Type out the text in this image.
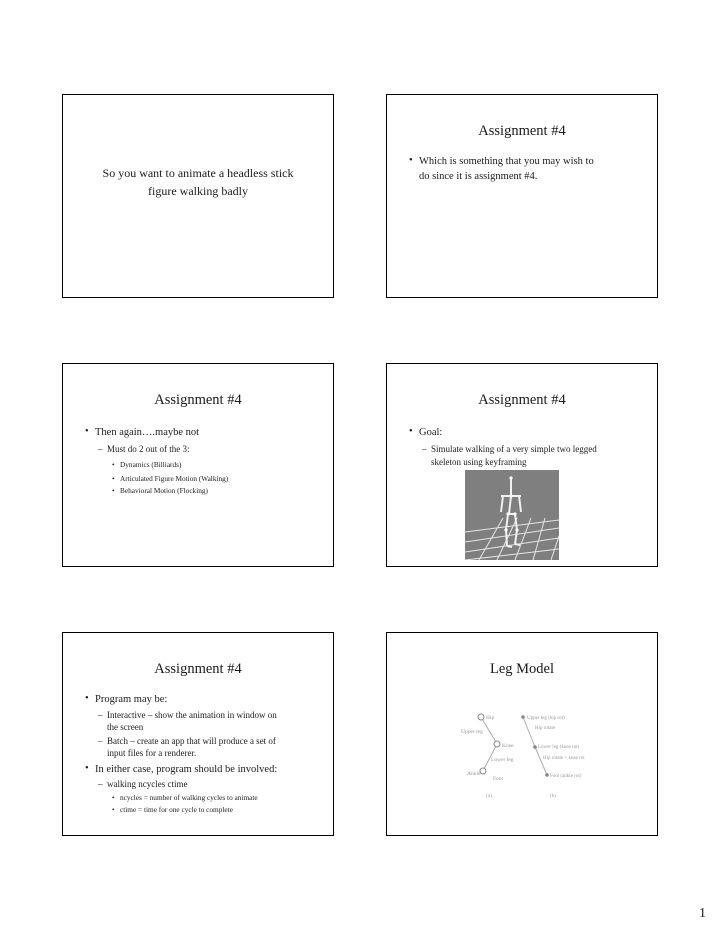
So you want to animate a headless stick
figure walking badly
Assignment #4
• Which is something that you may wish to
do since it is assignment #4.
Assignment #4
• Then again….maybe not
– Must do 2 out of the 3:
• Dynamics (Billiards)
• Articulated Figure Motion (Walking)
• Behavioral Motion (Flocking)
Assignment #4
• Goal:
– Simulate walking of a very simple two legged
skeleton using keyframing
Assignment #4
• Program may be:
– Interactive – show the animation in window on
the screen
– Batch – create an app that will produce a set of
input files for a renderer.
• In either case, program should be involved:
– walking ncycles ctime
• ncycles = number of walking cycles to animate
• ctime = time for one cycle to complete
Leg Model
Hip
Upper leg
Knee
Lower leg
Ankle
Foot
(a)
Upper leg (hip rot)
Hip rotate
Lower leg (knee rot)
Hip rotate + knee rot
Foot (ankle rot)
(b)
1
